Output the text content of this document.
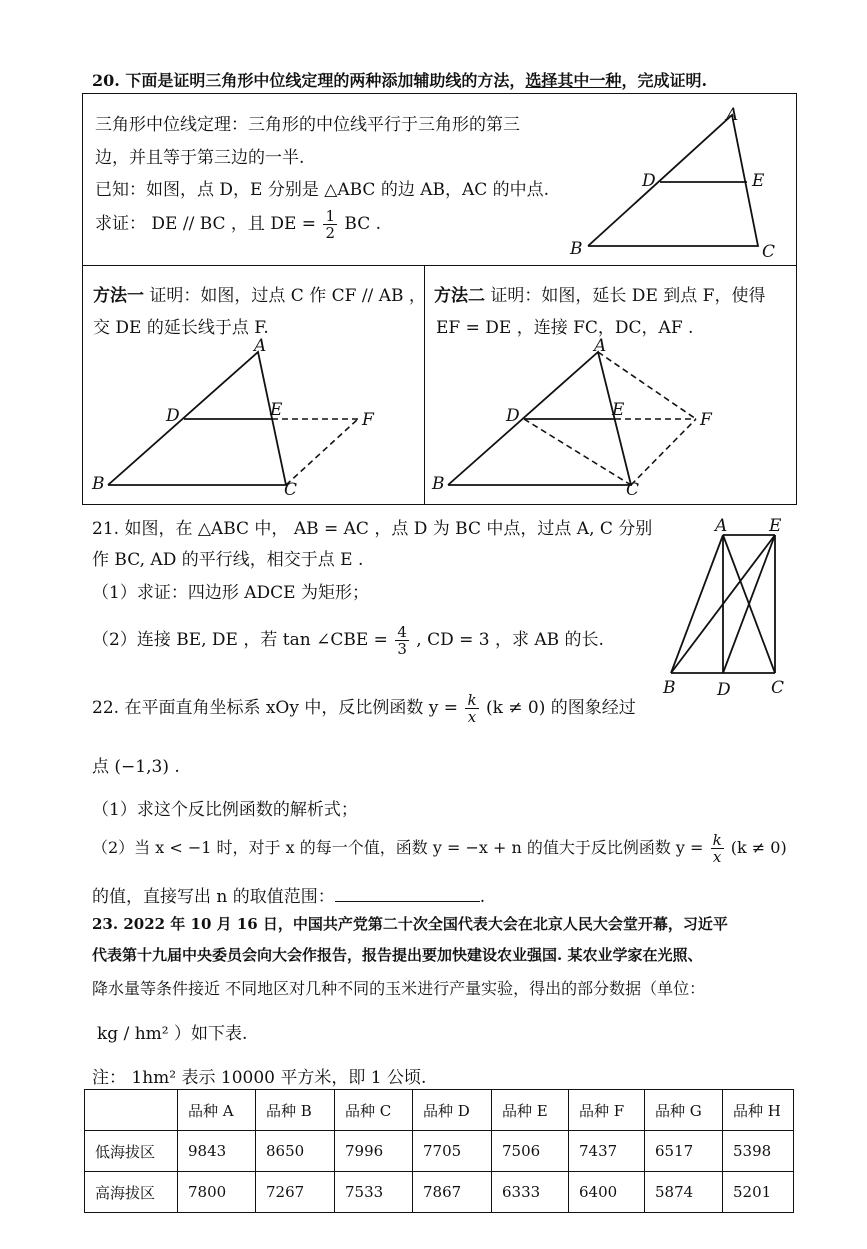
20. 下面是证明三角形中位线定理的两种添加辅助线的方法，选择其中一种，完成证明.
三角形中位线定理：三角形的中位线平行于三角形的第三
边，并且等于第三边的一半.
已知：如图，点 D，E 分别是 △ABC 的边 AB，AC 的中点.
求证： DE // BC ，且 DE = $\frac{1}{2}$ BC .
A
D	E
B	C
方法一 证明：如图，过点 C 作 CF // AB ，
交 DE 的延长线于点 F.
A
D	E	F
B	C
方法二 证明：如图，延长 DE 到点 F，使得
EF = DE ，连接 FC，DC，AF .
A
D	E	F
B	C
21. 如图，在 △ABC 中， AB = AC ，点 D 为 BC 中点，过点 A, C 分别
作 BC, AD 的平行线，相交于点 E .
（1）求证：四边形 ADCE 为矩形；
（2）连接 BE, DE ，若 tan ∠CBE = $\frac{4}{3}$ , CD = 3 ，求 AB 的长.
A E
B D C
22. 在平面直角坐标系 xOy 中，反比例函数 $y = \frac{k}{x} (k \ne 0)$ 的图象经过
点 (−1,3) .
（1）求这个反比例函数的解析式；
（2）当 x < −1 时，对于 x 的每一个值，函数 y = −x + n 的值大于反比例函数 $y = \frac{k}{x} (k \ne 0)$
的值，直接写出 n 的取值范围：	.
23. 2022 年 10 月 16 日，中国共产党第二十次全国代表大会在北京人民大会堂开幕，习近平
代表第十九届中央委员会向大会作报告，报告提出要加快建设农业强国. 某农业学家在光照、
降水量等条件接近 不同地区对几种不同的玉米进行产量实验，得出的部分数据（单位：
kg / hm² ）如下表.
注： 1hm² 表示 10000 平方米，即 1 公顷.
	品种 A	品种 B	品种 C	品种 D	品种 E	品种 F	品种 G	品种 H
低海拔区	9843	8650	7996	7705	7506	7437	6517	5398
高海拔区	7800	7267	7533	7867	6333	6400	5874	5201
